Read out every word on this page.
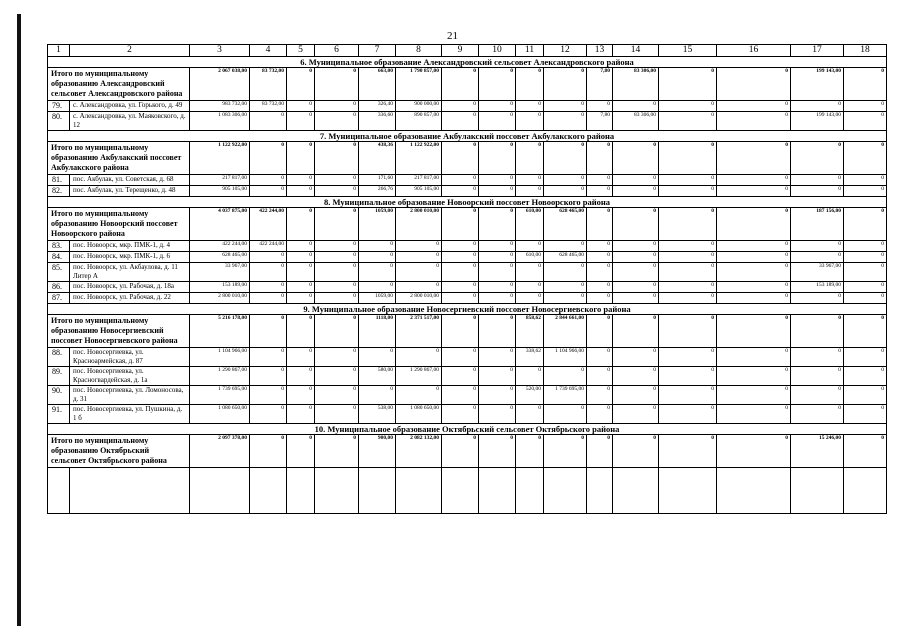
21
1	2	3	4	5	6	7	8	9	10	11	12	13	14	15	16	17	18
6. Муниципальное образование Александровский сельсовет Александровского района																	
Итого по муниципальному образованию Александровский сельсовет Александровского района		2 067 038,00	83 732,00	0	0	663,00	1 790 857,00	0	0	0	0	7,80	83 306,00	0	0	199 143,00	0
79.	с. Александровка, ул. Горького, д. 49	983 732,00	83 732,00	0	0	326,40	900 000,00	0	0	0	0	0	0	0	0	0	0
80.	с. Александровка, ул. Маяковского, д. 12	1 083 306,00	0	0	0	336,60	890 857,00	0	0	0	0	7,80	83 306,00	0	0	199 143,00	0
7. Муниципальное образование Акбулакский поссовет Акбулакского района																	
Итого по муниципальному образованию Акбулакский поссовет Акбулакского района		1 122 922,00	0	0	0	438,36	1 122 922,00	0	0	0	0	0	0	0	0	0	0
81.	пос. Акбулак, ул. Советская, д. 68	217 817,00	0	0	0	171,60	217 817,00	0	0	0	0	0	0	0	0	0	0
82.	пос. Акбулак, ул. Терещенко, д. 48	905 105,00	0	0	0	266,76	905 105,00	0	0	0	0	0	0	0	0	0	0
8. Муниципальное образование Новоорский поссовет Новоорского района																	
Итого по муниципальному образованию Новоорский поссовет Новоорского района		4 037 875,00	422 244,00	0	0	1059,00	2 800 010,00	0	0	610,00	628 465,00	0	0	0	0	187 156,00	0
83.	пос. Новоорск, мкр. ПМК-1, д. 4	422 244,00	422 244,00	0	0	0	0	0	0	0	0	0	0	0	0	0	0
84.	пос. Новоорск, мкр. ПМК-1, д. 6	628 465,00	0	0	0	0	0	0	0	610,00	628 465,00	0	0	0	0	0	0
85.	пос. Новоорск, ул. Акбаулова, д. 11 Литер А	33 967,00	0	0	0	0	0	0	0	0	0	0	0	0	0	33 967,00	0
86.	пос. Новоорск, ул. Рабочая, д. 18а	153 189,00	0	0	0	0	0	0	0	0	0	0	0	0	0	153 189,00	0
87.	пос. Новоорск, ул. Рабочая, д. 22	2 800 010,00	0	0	0	1059,00	2 800 010,00	0	0	0	0	0	0	0	0	0	0
9. Муниципальное образование Новосергиевский поссовет Новосергиевского района																	
Итого по муниципальному образованию Новосергиевский поссовет Новосергиевского района		5 216 178,00	0	0	0	1118,00	2 371 517,00	0	0	858,62	2 844 661,00	0	0	0	0	0	0
88.	пос. Новосергиевка, ул. Красноармейская, д. 87	1 104 966,00	0	0	0	0	0	0	0	338,62	1 104 966,00	0	0	0	0	0	0
89.	пос. Новосергиевка, ул. Красногвардейская, д. 1а	1 290 867,00	0	0	0	580,00	1 290 867,00	0	0	0	0	0	0	0	0	0	0
90.	пос. Новосергиевка, ул. Ломоносова, д. 31	1 739 695,00	0	0	0	0	0	0	0	520,00	1 739 695,00	0	0	0	0	0	0
91.	пос. Новосергиевка, ул. Пушкина, д. 1 б	1 080 650,00	0	0	0	538,00	1 080 650,00	0	0	0	0	0	0	0	0	0	0
10. Муниципальное образование Октябрьский сельсовет Октябрьского района																	
Итого по муниципальному образованию Октябрьский сельсовет Октябрьского района		2 097 378,00	0	0	0	900,00	2 082 132,00	0	0	0	0	0	0	0	0	15 246,00	0
